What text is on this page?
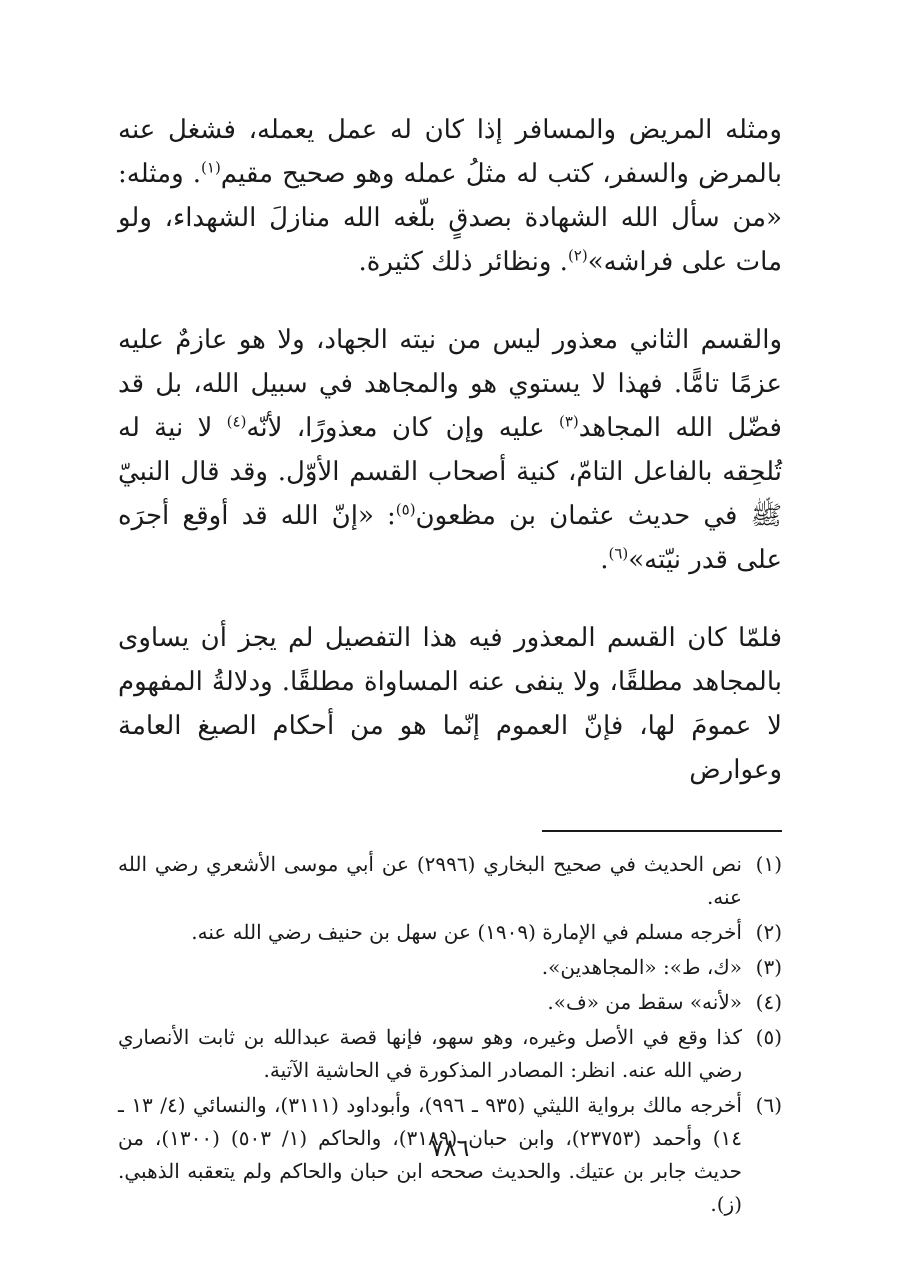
ومثله المريض والمسافر إذا كان له عمل يعمله، فشغل عنه بالمرض والسفر، كتب له مثلُ عمله وهو صحيح مقيم$^{(١)}$. ومثله: «من سأل الله الشهادة بصدقٍ بلّغه الله منازلَ الشهداء، ولو مات على فراشه»$^{(٢)}$. ونظائر ذلك كثيرة.

والقسم الثاني معذور ليس من نيته الجهاد، ولا هو عازمٌ عليه عزمًا تامًّا. فهذا لا يستوي هو والمجاهد في سبيل الله، بل قد فضّل الله المجاهد$^{(٣)}$ عليه وإن كان معذورًا، لأنّه$^{(٤)}$ لا نية له تُلحِقه بالفاعل التامّ، كنية أصحاب القسم الأوّل. وقد قال النبيّ ﷺ في حديث عثمان بن مظعون$^{(٥)}$: «إنّ الله قد أوقع أجرَه على قدر نيّته»$^{(٦)}$.

فلمّا كان القسم المعذور فيه هذا التفصيل لم يجز أن يساوى بالمجاهد مطلقًا، ولا ينفى عنه المساواة مطلقًا. ودلالةُ المفهوم لا عمومَ لها، فإنّ العموم إنّما هو من أحكام الصيغ العامة وعوارض

(١)
نص الحديث في صحيح البخاري (٢٩٩٦) عن أبي موسى الأشعري رضي الله عنه.
(٢)
أخرجه مسلم في الإمارة (١٩٠٩) عن سهل بن حنيف رضي الله عنه.
(٣)
«ك، ط»: «المجاهدين».
(٤)
«لأنه» سقط من «ف».
(٥)
كذا وقع في الأصل وغيره، وهو سهو، فإنها قصة عبدالله بن ثابت الأنصاري رضي الله عنه. انظر: المصادر المذكورة في الحاشية الآتية.
(٦)
أخرجه مالك برواية الليثي (٩٣٥ ـ ٩٩٦)، وأبوداود (٣١١١)، والنسائي (٤/ ١٣ ـ ١٤) وأحمد (٢٣٧٥٣)، وابن حبان (٣١٨٩)، والحاكم (١/ ٥٠٣) (١٣٠٠)، من حديث جابر بن عتيك. والحديث صححه ابن حبان والحاكم ولم يتعقبه الذهبي. (ز).
٧٨٦
